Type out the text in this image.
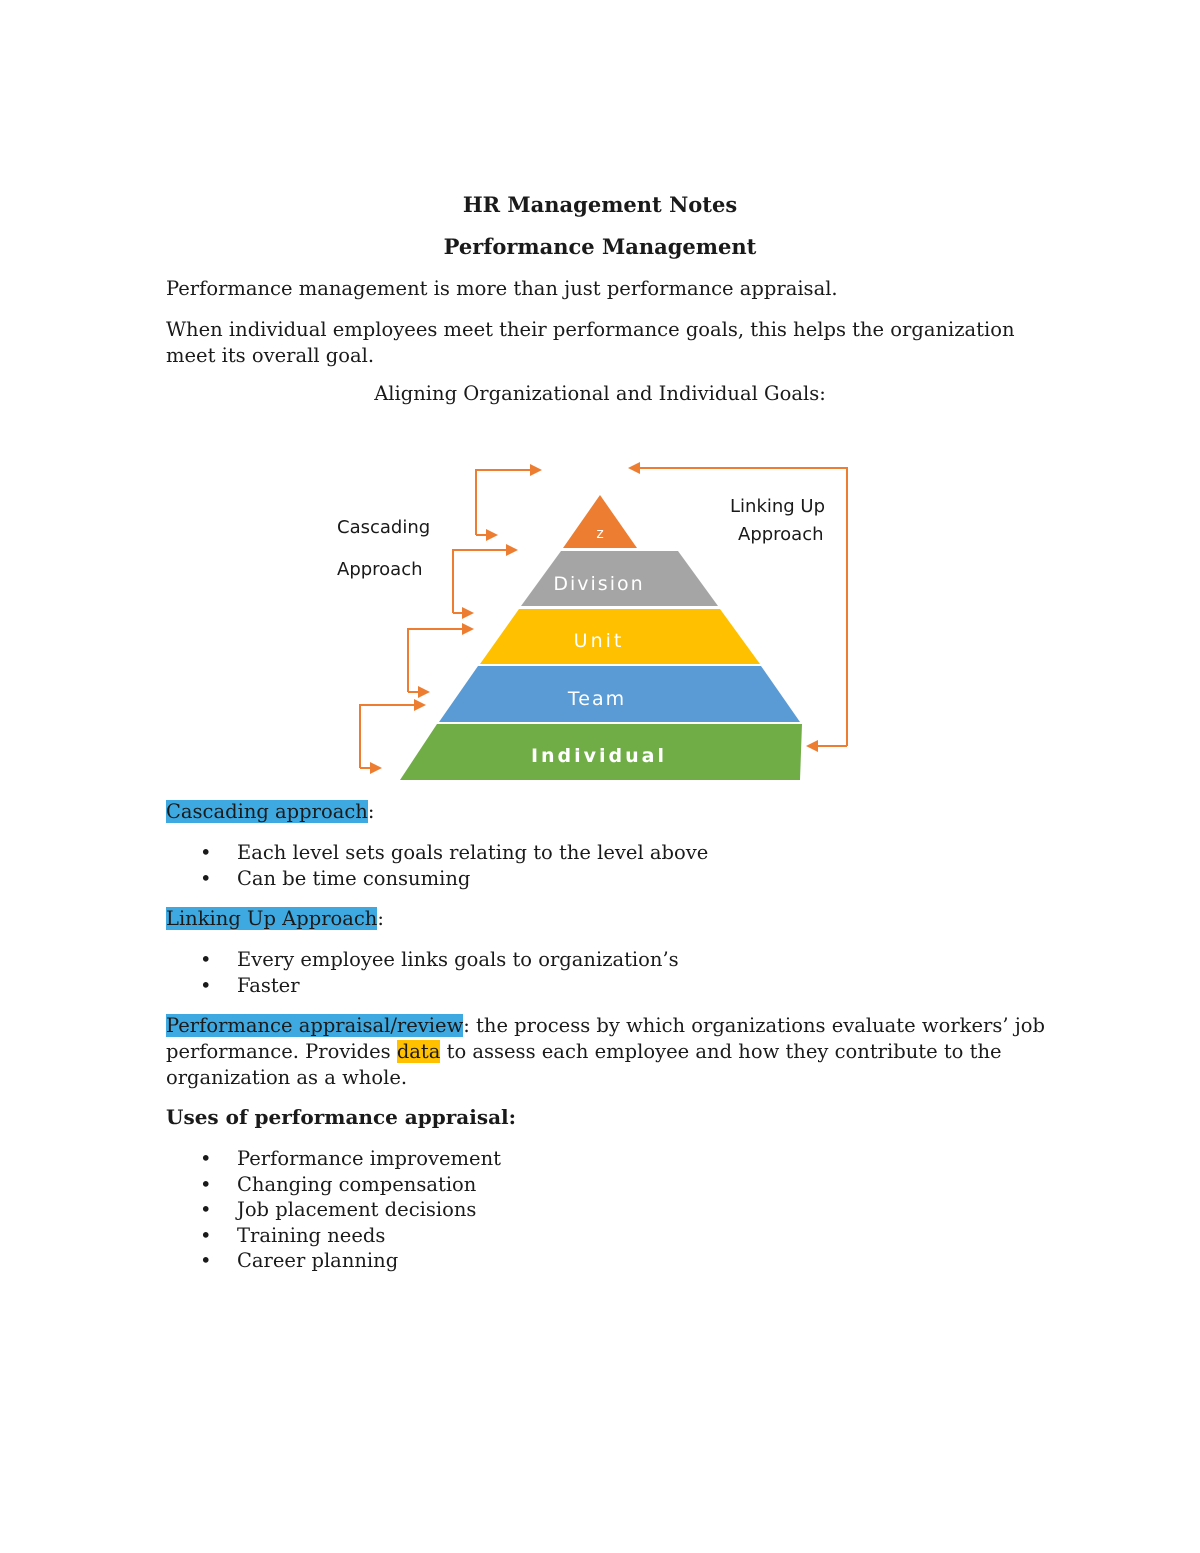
HR Management Notes
Performance Management
Performance management is more than just performance appraisal.
When individual employees meet their performance goals, this helps the organization meet its overall goal.
Aligning Organizational and Individual Goals:
z
Division
Unit
Team
Individual
Cascading
Approach
Linking Up
Approach
Cascading approach:
• Each level sets goals relating to the level above
• Can be time consuming
Linking Up Approach:
• Every employee links goals to organization’s
• Faster
Performance appraisal/review: the process by which organizations evaluate workers’ job performance. Provides data to assess each employee and how they contribute to the organization as a whole.
Uses of performance appraisal:
• Performance improvement
• Changing compensation
• Job placement decisions
• Training needs
• Career planning
